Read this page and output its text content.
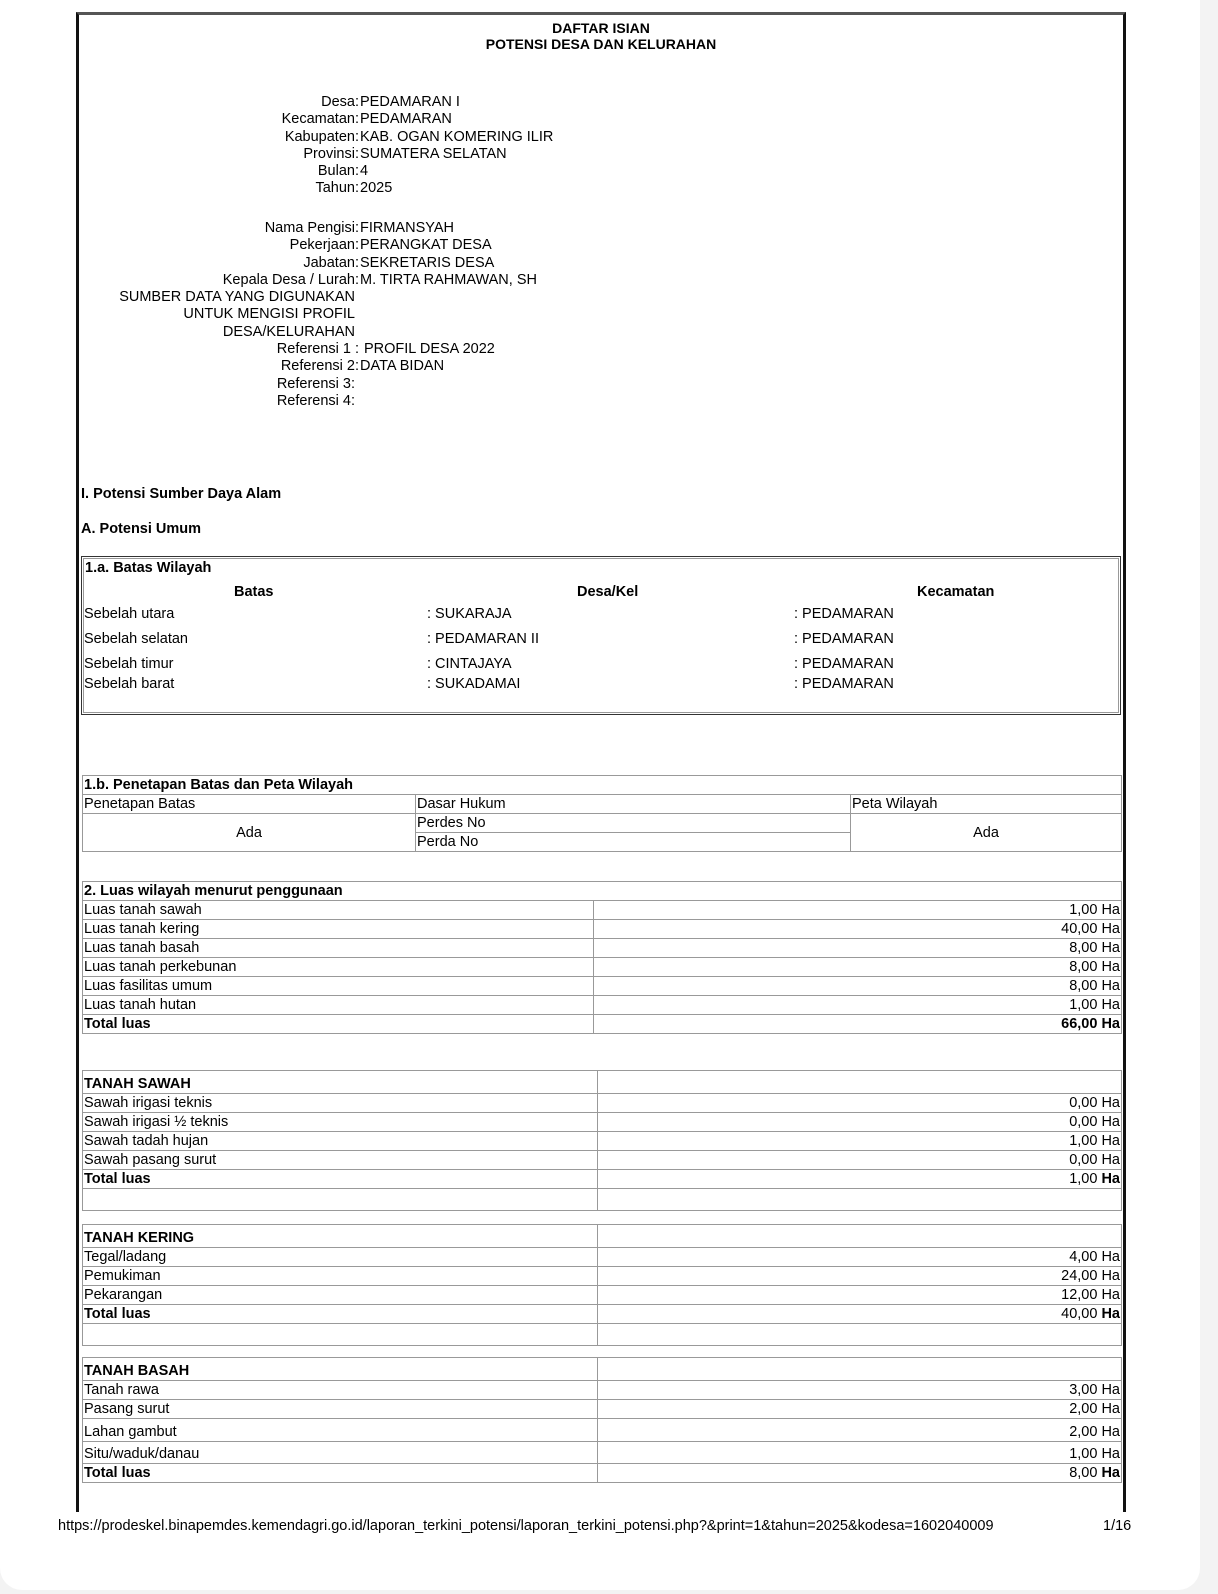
DAFTAR ISIAN
POTENSI DESA DAN KELURAHAN
Desa: PEDAMARAN I
Kecamatan: PEDAMARAN
Kabupaten: KAB. OGAN KOMERING ILIR
Provinsi: SUMATERA SELATAN
Bulan: 4
Tahun: 2025
Nama Pengisi: FIRMANSYAH
Pekerjaan: PERANGKAT DESA
Jabatan: SEKRETARIS DESA
Kepala Desa / Lurah: M. TIRTA RAHMAWAN, SH
SUMBER DATA YANG DIGUNAKAN
UNTUK MENGISI PROFIL
DESA/KELURAHAN
Referensi 1 : PROFIL DESA 2022
Referensi 2: DATA BIDAN
Referensi 3:
Referensi 4:
I. Potensi Sumber Daya Alam
A. Potensi Umum
1.a. Batas Wilayah
Batas	Desa/Kel	Kecamatan
Sebelah utara	: SUKARAJA	: PEDAMARAN
Sebelah selatan	: PEDAMARAN II	: PEDAMARAN
Sebelah timur	: CINTAJAYA	: PEDAMARAN
Sebelah barat	: SUKADAMAI	: PEDAMARAN
1.b. Penetapan Batas dan Peta Wilayah		
Penetapan Batas	Dasar Hukum	Peta Wilayah
Ada	Perdes No	Ada
	Perda No	
2. Luas wilayah menurut penggunaan	
Luas tanah sawah	1,00 Ha
Luas tanah kering	40,00 Ha
Luas tanah basah	8,00 Ha
Luas tanah perkebunan	8,00 Ha
Luas fasilitas umum	8,00 Ha
Luas tanah hutan	1,00 Ha
Total luas	66,00 Ha
TANAH SAWAH	
Sawah irigasi teknis	0,00 Ha
Sawah irigasi ½ teknis	0,00 Ha
Sawah tadah hujan	1,00 Ha
Sawah pasang surut	0,00 Ha
Total luas	1,00 Ha

TANAH KERING	
Tegal/ladang	4,00 Ha
Pemukiman	24,00 Ha
Pekarangan	12,00 Ha
Total luas	40,00 Ha

TANAH BASAH	
Tanah rawa	3,00 Ha
Pasang surut	2,00 Ha
Lahan gambut	2,00 Ha
Situ/waduk/danau	1,00 Ha
Total luas	8,00 Ha
https://prodeskel.binapemdes.kemendagri.go.id/laporan_terkini_potensi/laporan_terkini_potensi.php?&print=1&tahun=2025&kodesa=1602040009	1/16
